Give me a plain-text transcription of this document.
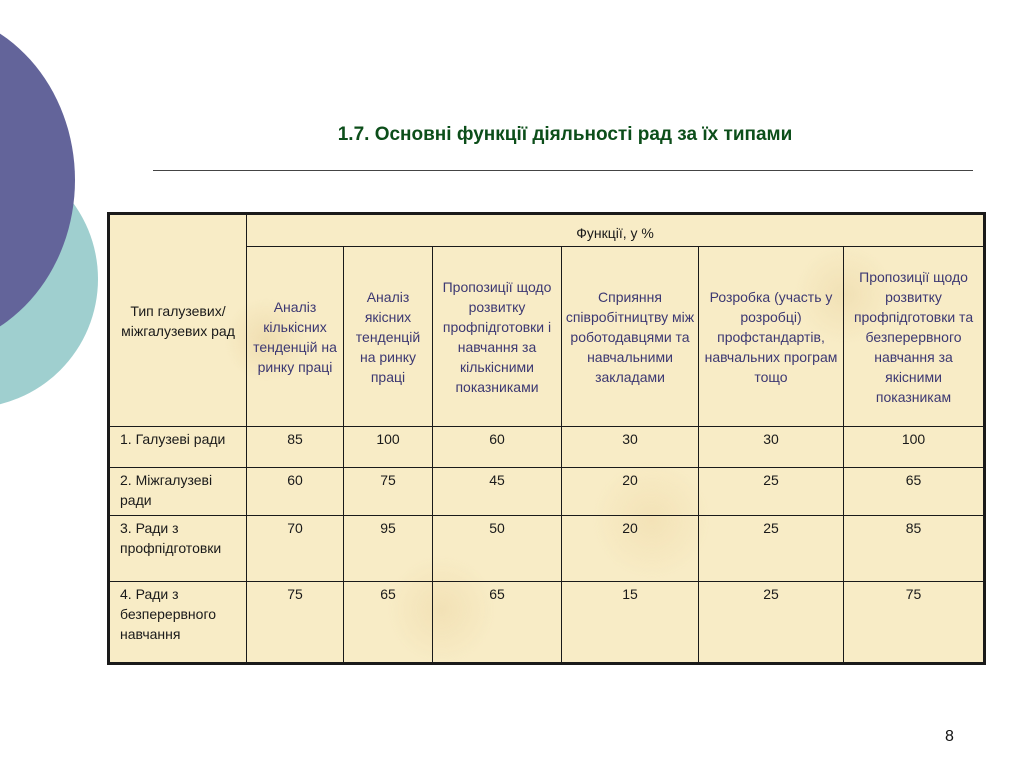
1.7. Основні функції діяльності рад за їх типами
Тип галузевих/ міжгалузевих рад	Функції, у %					
	Аналіз кількісних тенденцій на ринку праці	Аналіз якісних тенденцій на ринку праці	Пропозиції щодо розвитку профпідготовки і навчання за кількісними показниками	Сприяння співробітництву між роботодавцями та навчальними закладами	Розробка (участь у розробці) профстандартів, навчальних програм тощо	Пропозиції щодо розвитку профпідготовки та безперервного навчання за якісними показникам
1. Галузеві ради	85	100	60	30	30	100
2. Міжгалузеві ради	60	75	45	20	25	65
3. Ради з профпідготовки	70	95	50	20	25	85
4. Ради з безперервного навчання	75	65	65	15	25	75
8
